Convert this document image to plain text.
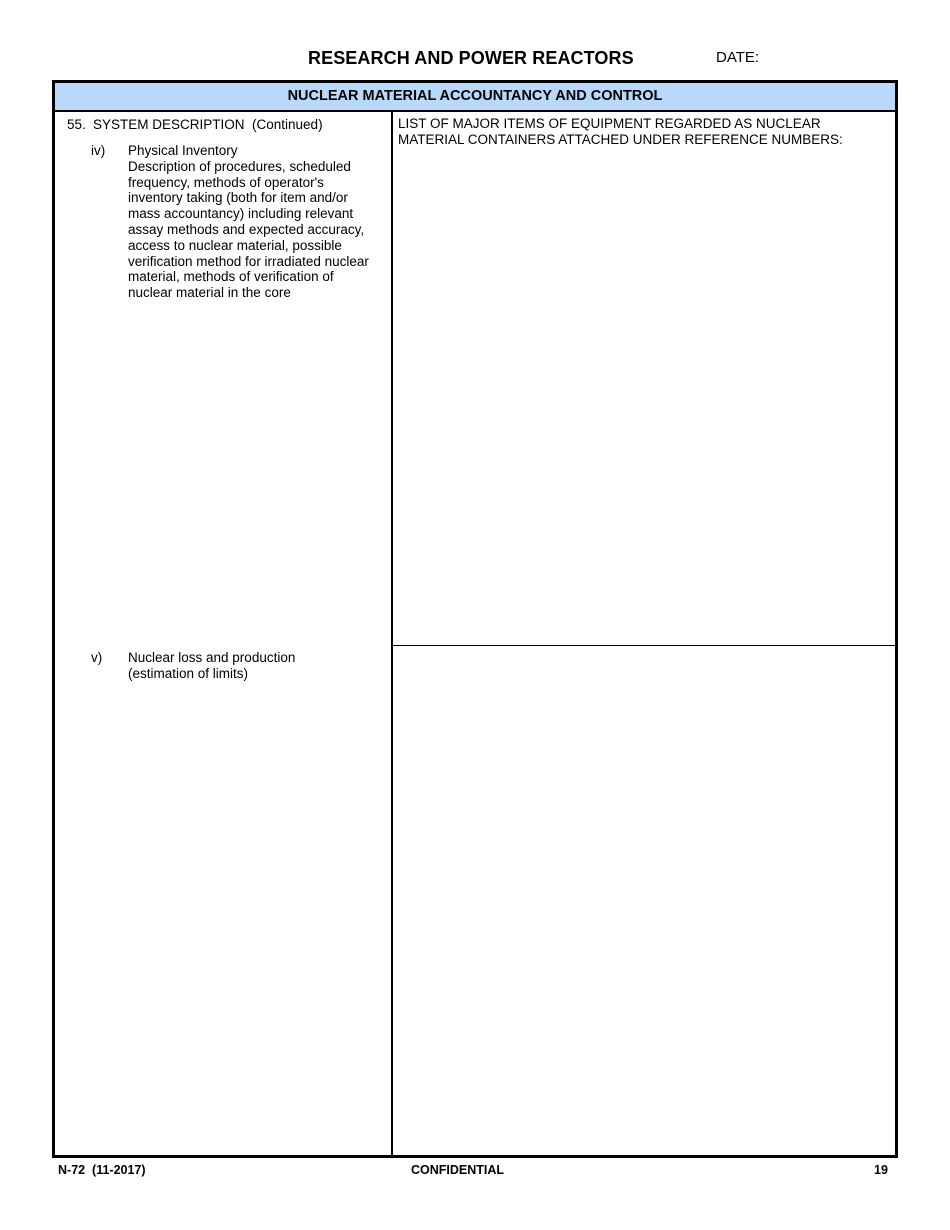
RESEARCH AND POWER REACTORS	DATE:
NUCLEAR MATERIAL ACCOUNTANCY AND CONTROL
55. SYSTEM DESCRIPTION  (Continued)
iv)	Physical Inventory
Description of procedures, scheduled
frequency, methods of operator's
inventory taking (both for item and/or
mass accountancy) including relevant
assay methods and expected accuracy,
access to nuclear material, possible
verification method for irradiated nuclear
material, methods of verification of
nuclear material in the core
v)	Nuclear loss and production
(estimation of limits)
LIST OF MAJOR ITEMS OF EQUIPMENT REGARDED AS NUCLEAR
MATERIAL CONTAINERS ATTACHED UNDER REFERENCE NUMBERS:
N-72  (11-2017)	CONFIDENTIAL	19
